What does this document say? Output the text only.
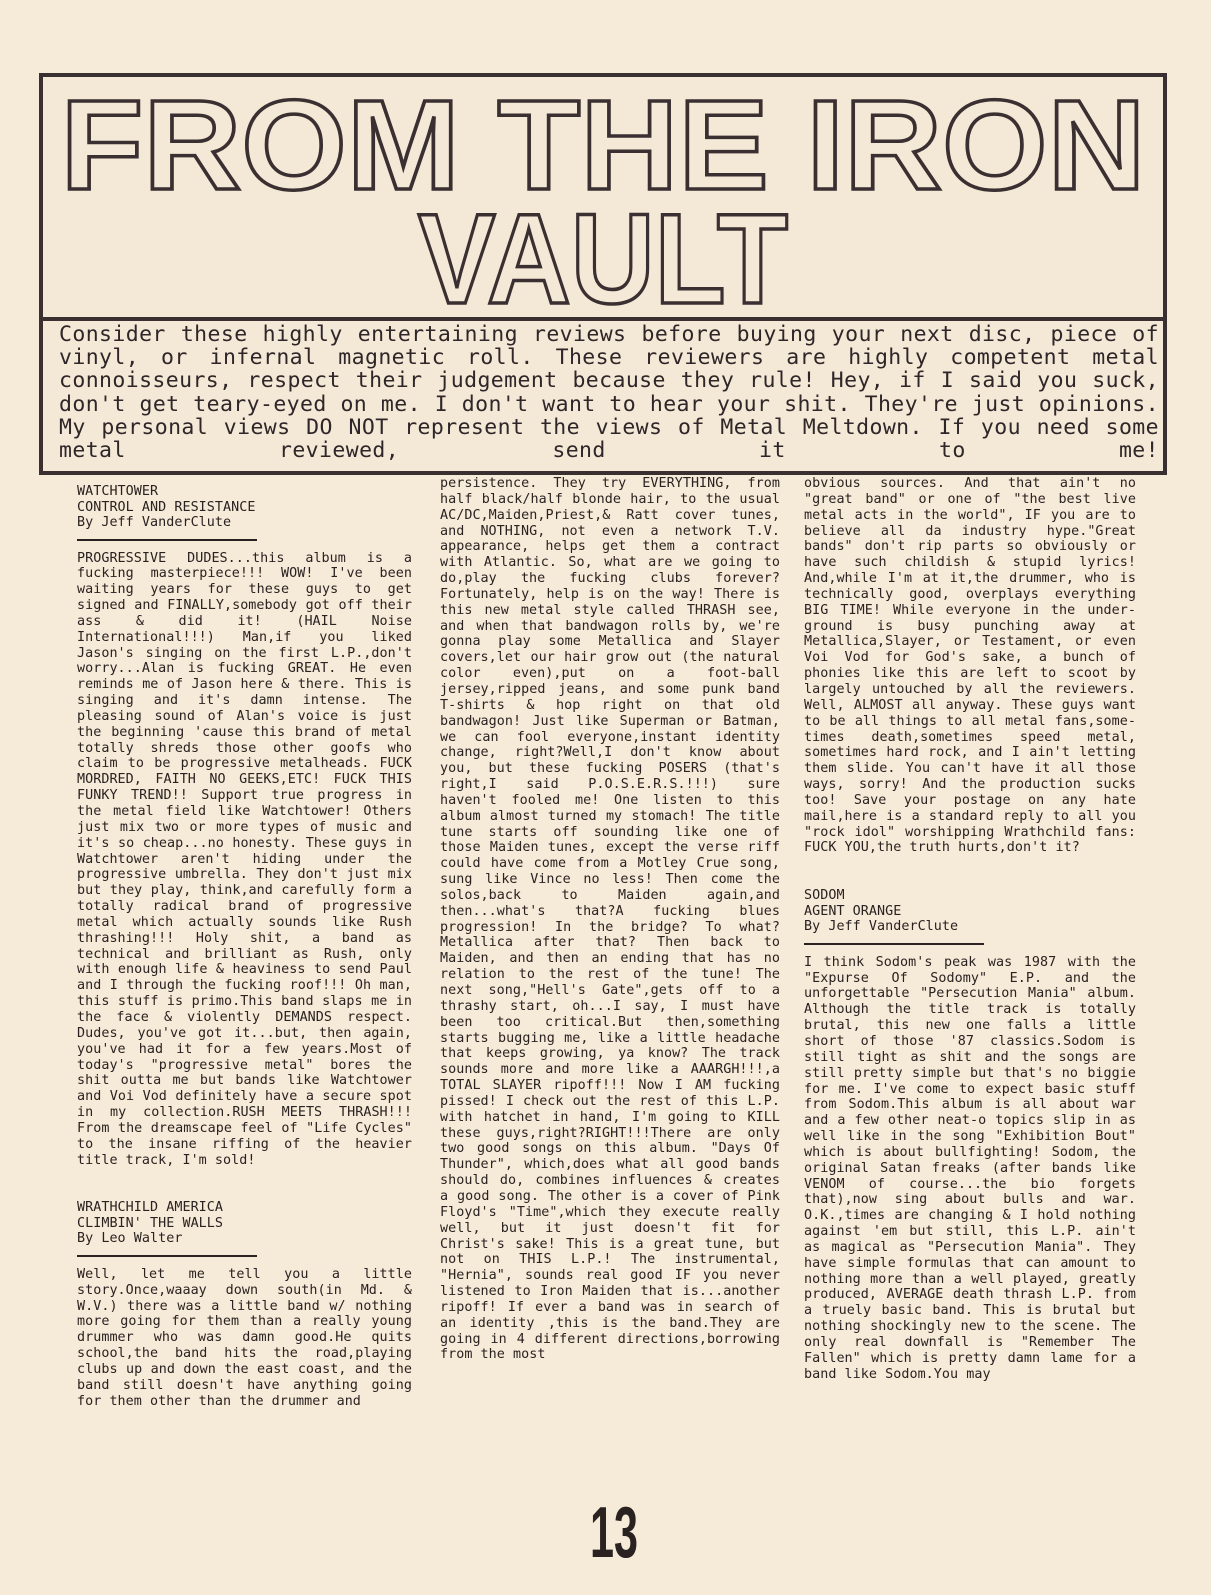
FROM THE IRON
VAULT
Consider these highly entertaining reviews before buying your next disc, piece of vinyl, or infernal magnetic roll. These reviewers are highly competent metal connoisseurs, respect their judgement because they rule! Hey, if I said you suck, don't get teary-eyed on me. I don't want to hear your shit. They're just opinions. My personal views DO NOT represent the views of Metal Meltdown. If you need some metal reviewed, send it to me!

WATCHTOWER

CONTROL AND RESISTANCE

By Jeff VanderClute

PROGRESSIVE DUDES...this album is a fucking masterpiece!!! WOW! I've been waiting years for these guys to get signed and FINALLY,somebody got off their ass & did it! (HAIL Noise International!!!) Man,if you liked Jason's singing on the first L.P.,don't worry...Alan is fucking GREAT. He even reminds me of Jason here & there. This is singing and it's damn intense. The pleasing sound of Alan's voice is just the beginning 'cause this brand of metal totally shreds those other goofs who claim to be progressive metalheads. FUCK MORDRED, FAITH NO GEEKS,ETC! FUCK THIS FUNKY TREND!! Support true progress in the metal field like Watchtower! Others just mix two or more types of music and it's so cheap...no honesty. These guys in Watchtower aren't hiding under the progressive umbrella. They don't just mix but they play, think,and carefully form a totally radical brand of progressive metal which actually sounds like Rush thrashing!!! Holy shit, a band as technical and brilliant as Rush, only with enough life & heaviness to send Paul and I through the fucking roof!!! Oh man, this stuff is primo.This band slaps me in the face & violently DEMANDS respect. Dudes, you've got it...but, then again, you've had it for a few years.Most of today's "progressive metal" bores the shit outta me but bands like Watchtower and Voi Vod definitely have a secure spot in my collection.RUSH MEETS THRASH!!! From the dreamscape feel of "Life Cycles" to the insane riffing of the heavier title track, I'm sold!

WRATHCHILD AMERICA

CLIMBIN' THE WALLS

By Leo Walter

Well, let me tell you a little story.Once,waaay down south(in Md. & W.V.) there was a little band w/ nothing more going for them than a really young drummer who was damn good.He quits school,the band hits the road,playing clubs up and down the east coast, and the band still doesn't have anything going for them other than the drummer and

persistence. They try EVERYTHING, from half black/half blonde hair, to the usual AC/DC,Maiden,Priest,& Ratt cover tunes, and NOTHING, not even a network T.V. appearance, helps get them a contract with Atlantic. So, what are we going to do,play the fucking clubs forever? Fortunately, help is on the way! There is this new metal style called THRASH see, and when that bandwagon rolls by, we're gonna play some Metallica and Slayer covers,let our hair grow out (the natural color even),put on a foot-ball jersey,ripped jeans, and some punk band T-shirts & hop right on that old bandwagon! Just like Superman or Batman, we can fool everyone,instant identity change, right?Well,I don't know about you, but these fucking POSERS (that's right,I said P.O.S.E.R.S.!!!) sure haven't fooled me! One listen to this album almost turned my stomach! The title tune starts off sounding like one of those Maiden tunes, except the verse riff could have come from a Motley Crue song, sung like Vince no less! Then come the solos,back to Maiden again,and then...what's that?A fucking blues progression! In the bridge? To what? Metallica after that? Then back to Maiden, and then an ending that has no relation to the rest of the tune! The next song,"Hell's Gate",gets off to a thrashy start, oh...I say, I must have been too critical.But then,something starts bugging me, like a little headache that keeps growing, ya know? The track sounds more and more like a AAARGH!!!,a TOTAL SLAYER ripoff!!! Now I AM fucking pissed! I check out the rest of this L.P. with hatchet in hand, I'm going to KILL these guys,right?RIGHT!!!There are only two good songs on this album. "Days Of Thunder", which,does what all good bands should do, combines influences & creates a good song. The other is a cover of Pink Floyd's "Time",which they execute really well, but it just doesn't fit for Christ's sake! This is a great tune, but not on THIS L.P.! The instrumental, "Hernia", sounds real good IF you never listened to Iron Maiden that is...another ripoff! If ever a band was in search of an identity ,this is the band.They are going in 4 different directions,borrowing from the most

obvious sources. And that ain't no "great band" or one of "the best live metal acts in the world", IF you are to believe all da industry hype."Great bands" don't rip parts so obviously or have such childish & stupid lyrics! And,while I'm at it,the drummer, who is technically good, overplays everything BIG TIME! While everyone in the under-ground is busy punching away at Metallica,Slayer, or Testament, or even Voi Vod for God's sake, a bunch of phonies like this are left to scoot by largely untouched by all the reviewers. Well, ALMOST all anyway. These guys want to be all things to all metal fans,some-times death,sometimes speed metal, sometimes hard rock, and I ain't letting them slide. You can't have it all those ways, sorry! And the production sucks too! Save your postage on any hate mail,here is a standard reply to all you "rock idol" worshipping Wrathchild fans: FUCK YOU,the truth hurts,don't it?

SODOM

AGENT ORANGE

By Jeff VanderClute

I think Sodom's peak was 1987 with the "Expurse Of Sodomy" E.P. and the unforgettable "Persecution Mania" album. Although the title track is totally brutal, this new one falls a little short of those '87 classics.Sodom is still tight as shit and the songs are still pretty simple but that's no biggie for me. I've come to expect basic stuff from Sodom.This album is all about war and a few other neat-o topics slip in as well like in the song "Exhibition Bout" which is about bullfighting! Sodom, the original Satan freaks (after bands like VENOM of course...the bio forgets that),now sing about bulls and war. O.K.,times are changing & I hold nothing against 'em but still, this L.P. ain't as magical as "Persecution Mania". They have simple formulas that can amount to nothing more than a well played, greatly produced, AVERAGE death thrash L.P. from a truely basic band. This is brutal but nothing shockingly new to the scene. The only real downfall is "Remember The Fallen" which is pretty damn lame for a band like Sodom.You may

13
